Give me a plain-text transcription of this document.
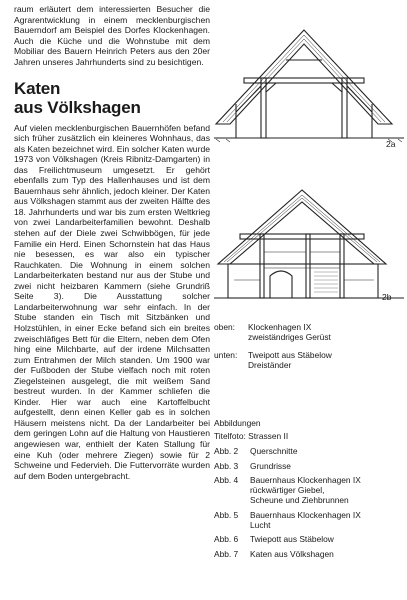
raum erläutert dem interessierten Besucher die Agrarentwicklung in einem mecklenburgischen Bauerndorf am Beispiel des Dorfes Klockenhagen. Auch die Küche und die Wohnstube mit dem Mobiliar des Bauern Heinrich Peters aus den 20er Jahren unseres Jahrhunderts sind zu besichtigen.

Katen
aus Völkshagen

Auf vielen mecklenburgischen Bauernhöfen befand sich früher zusätzlich ein kleineres Wohnhaus, das als Katen bezeichnet wird. Ein solcher Katen wurde 1973 von Völkshagen (Kreis Ribnitz-Damgarten) in das Freilichtmuseum umgesetzt. Er gehört ebenfalls zum Typ des Hallenhauses und ist dem Bauernhaus sehr ähnlich, jedoch kleiner. Der Katen aus Völkshagen stammt aus der zweiten Hälfte des 18. Jahrhunderts und war bis zum ersten Weltkrieg von zwei Landarbeiterfamilien bewohnt. Deshalb stehen auf der Diele zwei Schwibbögen, für jede Familie ein Herd. Einen Schornstein hat das Haus nie besessen, es war also ein typischer Rauchkaten. Die Wohnung in einem solchen Landarbeiterkaten bestand nur aus der Stube und zwei nicht heizbaren Kammern (siehe Grundriß Seite 3). Die Ausstattung solcher Landarbeiterwohnung war sehr einfach. In der Stube standen ein Tisch mit Sitzbänken und Holzstühlen, in einer Ecke befand sich ein breites zweischläfiges Bett für die Eltern, neben dem Ofen hing eine Milchbarte, auf der irdene Milchsatten zum Entrahmen der Milch standen. Um 1900 war der Fußboden der Stube vielfach noch mit roten Ziegelsteinen ausgelegt, die mit weißem Sand bestreut wurden. In der Kammer schliefen die Kinder. Hier war auch eine Kartoffelbucht aufgestellt, denn einen Keller gab es in solchen Häusern meistens nicht. Da der Landarbeiter bei dem geringen Lohn auf die Haltung von Haustieren angewiesen war, enthielt der Katen Stallung für eine Kuh (oder mehrere Ziegen) sowie für 2 Schweine und Federvieh. Die Futtervorräte wurden auf dem Boden untergebracht.

2a
2b
oben:	Klockenhagen IX
zweiständriges Gerüst
unten:	Tweipott aus Stäbelow
Dreiständer
Abbildungen
Titelfoto: Strassen II
Abb. 2	Querschnitte
Abb. 3	Grundrisse
Abb. 4	Bauernhaus Klockenhagen IX
rückwärtiger Giebel,
Scheune und Ziehbrunnen
Abb. 5	Bauernhaus Klockenhagen IX
Lucht
Abb. 6	Twiepott aus Stäbelow
Abb. 7	Katen aus Völkshagen
